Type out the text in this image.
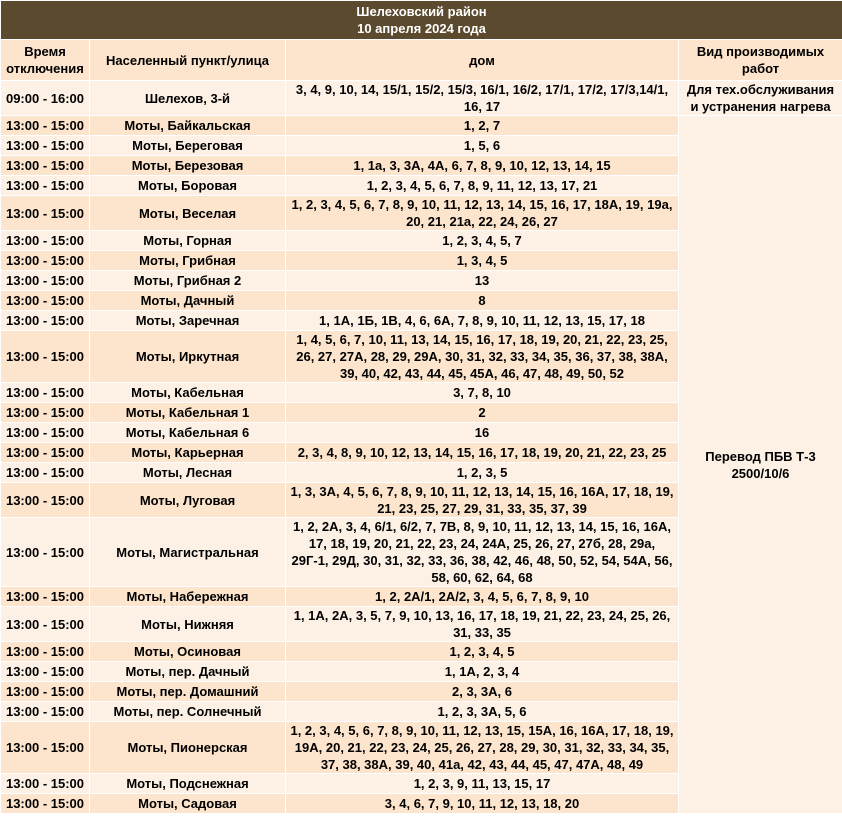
Шелеховский район
10 апреля 2024 года			

Время отключения	Населенный пункт/улица	дом	Вид производимых работ
09:00 - 16:00	Шелехов, 3-й	3, 4, 9, 10, 14, 15/1, 15/2, 15/3, 16/1, 16/2, 17/1, 17/2, 17/3,14/1, 16, 17	Для тех.обслуживания и устранения нагрева
13:00 - 15:00	Моты, Байкальская	1, 2, 7	Перевод ПБВ Т-3 2500/10/6
13:00 - 15:00	Моты, Береговая	1, 5, 6	
13:00 - 15:00	Моты, Березовая	1, 1а, 3, 3А, 4А, 6, 7, 8, 9, 10, 12, 13, 14, 15	
13:00 - 15:00	Моты, Боровая	1, 2, 3, 4, 5, 6, 7, 8, 9, 11, 12, 13, 17, 21	
13:00 - 15:00	Моты, Веселая	1, 2, 3, 4, 5, 6, 7, 8, 9, 10, 11, 12, 13, 14, 15, 16, 17, 18А, 19, 19а, 20, 21, 21а, 22, 24, 26, 27	
13:00 - 15:00	Моты, Горная	1, 2, 3, 4, 5, 7	
13:00 - 15:00	Моты, Грибная	1, 3, 4, 5	
13:00 - 15:00	Моты, Грибная 2	13	
13:00 - 15:00	Моты, Дачный	8	
13:00 - 15:00	Моты, Заречная	1, 1А, 1Б, 1В, 4, 6, 6А, 7, 8, 9, 10, 11, 12, 13, 15, 17, 18	
13:00 - 15:00	Моты, Иркутная	1, 4, 5, 6, 7, 10, 11, 13, 14, 15, 16, 17, 18, 19, 20, 21, 22, 23, 25, 26, 27, 27А, 28, 29, 29А, 30, 31, 32, 33, 34, 35, 36, 37, 38, 38А, 39, 40, 42, 43, 44, 45, 45А, 46, 47, 48, 49, 50, 52	
13:00 - 15:00	Моты, Кабельная	3, 7, 8, 10	
13:00 - 15:00	Моты, Кабельная 1	2	
13:00 - 15:00	Моты, Кабельная 6	16	
13:00 - 15:00	Моты, Карьерная	2, 3, 4, 8, 9, 10, 12, 13, 14, 15, 16, 17, 18, 19, 20, 21, 22, 23, 25	
13:00 - 15:00	Моты, Лесная	1, 2, 3, 5	
13:00 - 15:00	Моты, Луговая	1, 3, 3А, 4, 5, 6, 7, 8, 9, 10, 11, 12, 13, 14, 15, 16, 16А, 17, 18, 19, 21, 23, 25, 27, 29, 31, 33, 35, 37, 39	
13:00 - 15:00	Моты, Магистральная	1, 2, 2А, 3, 4, 6/1, 6/2, 7, 7В, 8, 9, 10, 11, 12, 13, 14, 15, 16, 16А, 17, 18, 19, 20, 21, 22, 23, 24, 24А, 25, 26, 27, 27б, 28, 29а, 29Г-1, 29Д, 30, 31, 32, 33, 36, 38, 42, 46, 48, 50, 52, 54, 54А, 56, 58, 60, 62, 64, 68	
13:00 - 15:00	Моты, Набережная	1, 2, 2А/1, 2А/2, 3, 4, 5, 6, 7, 8, 9, 10	
13:00 - 15:00	Моты, Нижняя	1, 1А, 2А, 3, 5, 7, 9, 10, 13, 16, 17, 18, 19, 21, 22, 23, 24, 25, 26, 31, 33, 35	
13:00 - 15:00	Моты, Осиновая	1, 2, 3, 4, 5	
13:00 - 15:00	Моты, пер. Дачный	1, 1А, 2, 3, 4	
13:00 - 15:00	Моты, пер. Домашний	2, 3, 3А, 6	
13:00 - 15:00	Моты, пер. Солнечный	1, 2, 3, 3А, 5, 6	
13:00 - 15:00	Моты, Пионерская	1, 2, 3, 4, 5, 6, 7, 8, 9, 10, 11, 12, 13, 15, 15А, 16, 16А, 17, 18, 19, 19А, 20, 21, 22, 23, 24, 25, 26, 27, 28, 29, 30, 31, 32, 33, 34, 35, 37, 38, 38А, 39, 40, 41а, 42, 43, 44, 45, 47, 47А, 48, 49	
13:00 - 15:00	Моты, Подснежная	1, 2, 3, 9, 11, 13, 15, 17	
13:00 - 15:00	Моты, Садовая	3, 4, 6, 7, 9, 10, 11, 12, 13, 18, 20	
